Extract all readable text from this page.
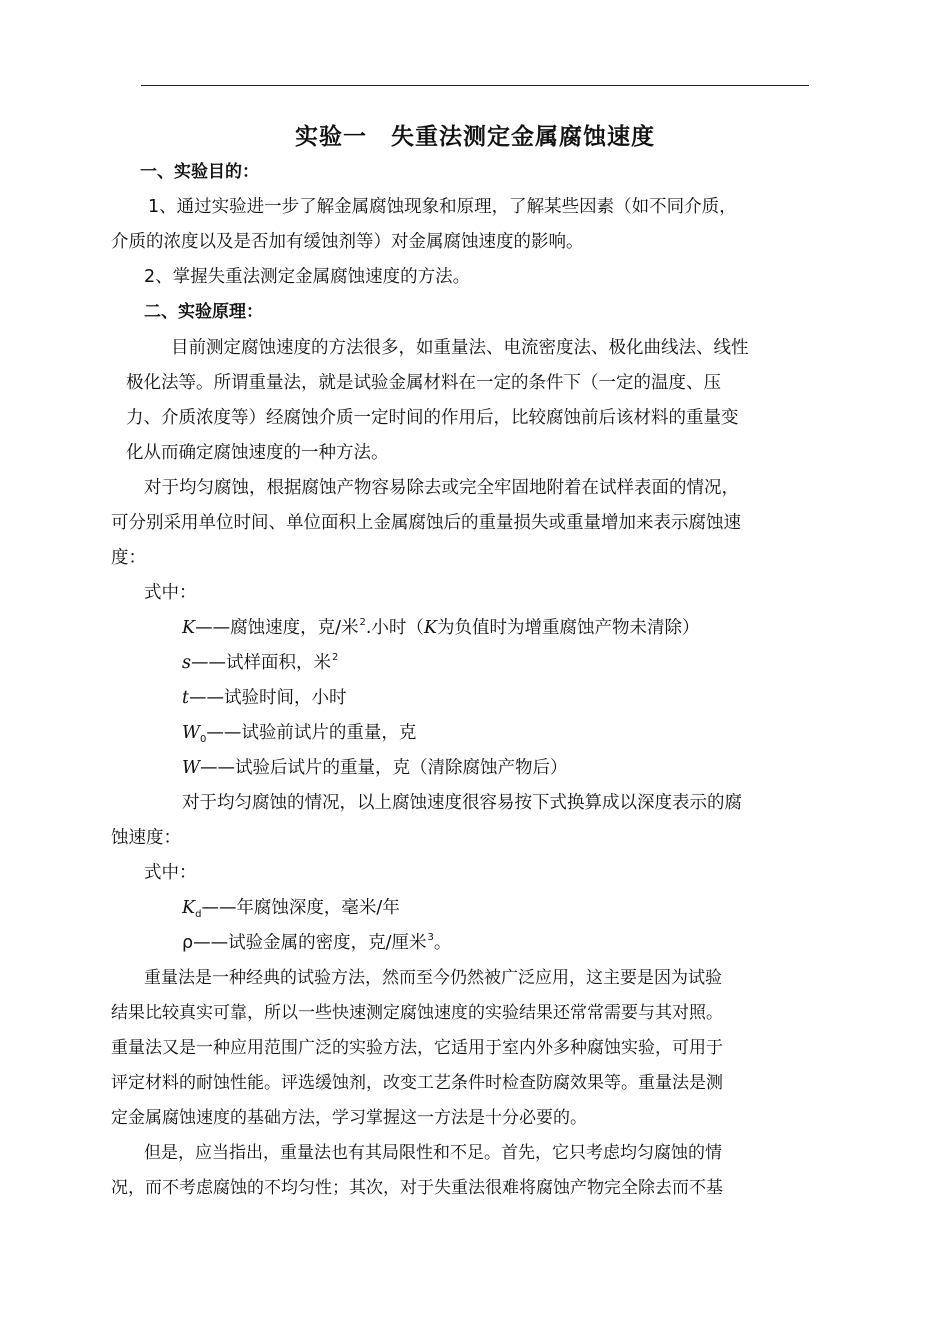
实验一 失重法测定金属腐蚀速度
一、实验目的：
1、通过实验进一步了解金属腐蚀现象和原理，了解某些因素（如不同介质，
介质的浓度以及是否加有缓蚀剂等）对金属腐蚀速度的影响。
2、掌握失重法测定金属腐蚀速度的方法。
二、实验原理：
目前测定腐蚀速度的方法很多，如重量法、电流密度法、极化曲线法、线性
极化法等。所谓重量法，就是试验金属材料在一定的条件下（一定的温度、压
力、介质浓度等）经腐蚀介质一定时间的作用后，比较腐蚀前后该材料的重量变
化从而确定腐蚀速度的一种方法。
对于均匀腐蚀，根据腐蚀产物容易除去或完全牢固地附着在试样表面的情况，
可分别采用单位时间、单位面积上金属腐蚀后的重量损失或重量增加来表示腐蚀速
度：
式中：
K——腐蚀速度，克/米$^2$.小时（K为负值时为增重腐蚀产物未清除）
s——试样面积，米$^2$
t——试验时间，小时
$W_0——$试验前试片的重量，克
W——试验后试片的重量，克（清除腐蚀产物后）
对于均匀腐蚀的情况，以上腐蚀速度很容易按下式换算成以深度表示的腐
蚀速度：
式中：
$K_d——$年腐蚀深度，毫米/年
ρ——试验金属的密度，克/厘米$^3$。
重量法是一种经典的试验方法，然而至今仍然被广泛应用，这主要是因为试验
结果比较真实可靠，所以一些快速测定腐蚀速度的实验结果还常常需要与其对照。
重量法又是一种应用范围广泛的实验方法，它适用于室内外多种腐蚀实验，可用于
评定材料的耐蚀性能。评选缓蚀剂，改变工艺条件时检查防腐效果等。重量法是测
定金属腐蚀速度的基础方法，学习掌握这一方法是十分必要的。
但是，应当指出，重量法也有其局限性和不足。首先，它只考虑均匀腐蚀的情
况，而不考虑腐蚀的不均匀性；其次，对于失重法很难将腐蚀产物完全除去而不基
